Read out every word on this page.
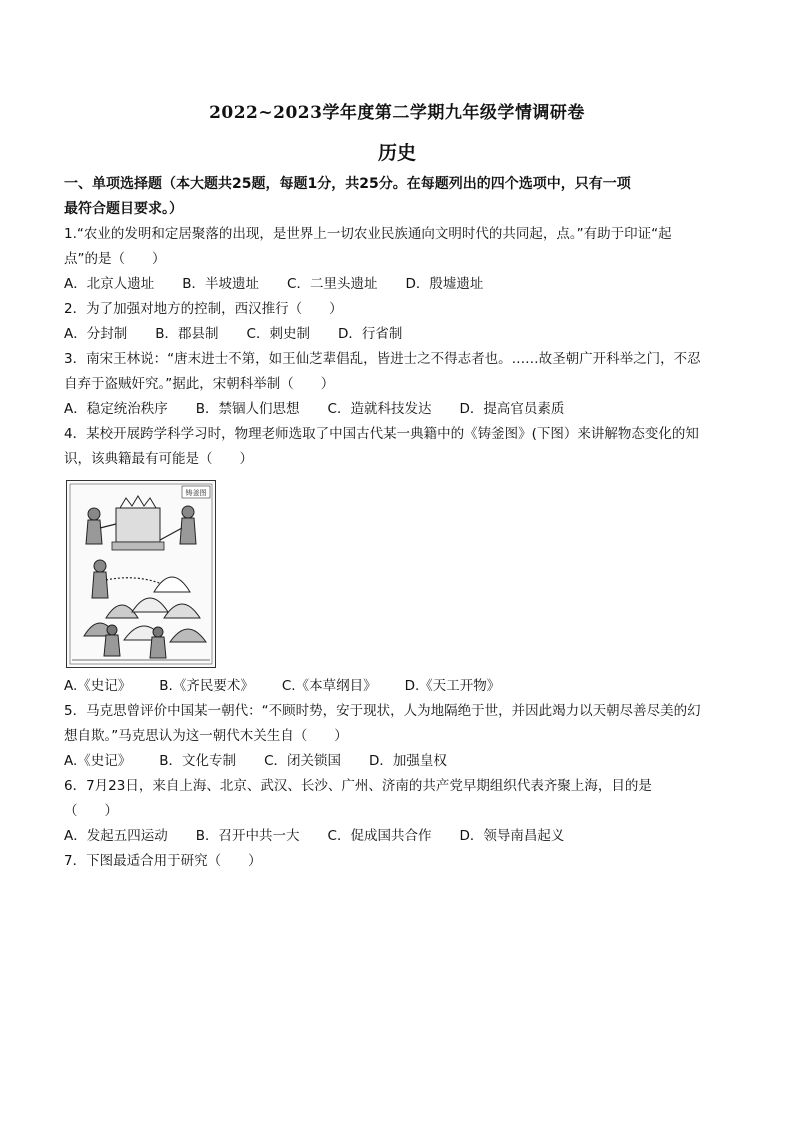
2022~2023学年度第二学期九年级学情调研卷
历史

一、单项选择题（本大题共25题，每题1分，共25分。在每题列出的四个选项中，只有一项

最符合题目要求。）

1.“农业的发明和定居聚落的出现，是世界上一切农业民族通向文明时代的共同起，点。”有助于印证“起

点”的是（　　）

A．北京人遗址 B．半坡遗址 C．二里头遗址 D．殷墟遗址

2．为了加强对地方的控制，西汉推行（　　）

A．分封制 B．郡县制 C．刺史制 D．行省制

3．南宋王林说：“唐末进士不第，如王仙芝辈倡乱，皆进士之不得志者也。……故圣朝广开科举之门，不忍

自弃于盗贼奸究。”据此，宋朝科举制（　　）

A．稳定统治秩序 B．禁锢人们思想 C．造就科技发达 D．提高官员素质

4．某校开展跨学科学习时，物理老师选取了中国古代某一典籍中的《铸釜图》(下图）来讲解物态变化的知

识，该典籍最有可能是（　　）

铸釜图

A.《史记》 B.《齐民要术》 C.《本草纲目》 D.《天工开物》

5．马克思曾评价中国某一朝代：“不顾时势，安于现状，人为地隔绝于世，并因此竭力以天朝尽善尽美的幻

想自欺。”马克思认为这一朝代木关生自（　　）

A.《史记》 B．文化专制 C．闭关锁国 D．加强皇权

6．7月23日，来自上海、北京、武汉、长沙、广州、济南的共产党早期组织代表齐聚上海，目的是

（　　）

A．发起五四运动 B．召开中共一大 C．促成国共合作 D．领导南昌起义

7．下图最适合用于研究（　　）
